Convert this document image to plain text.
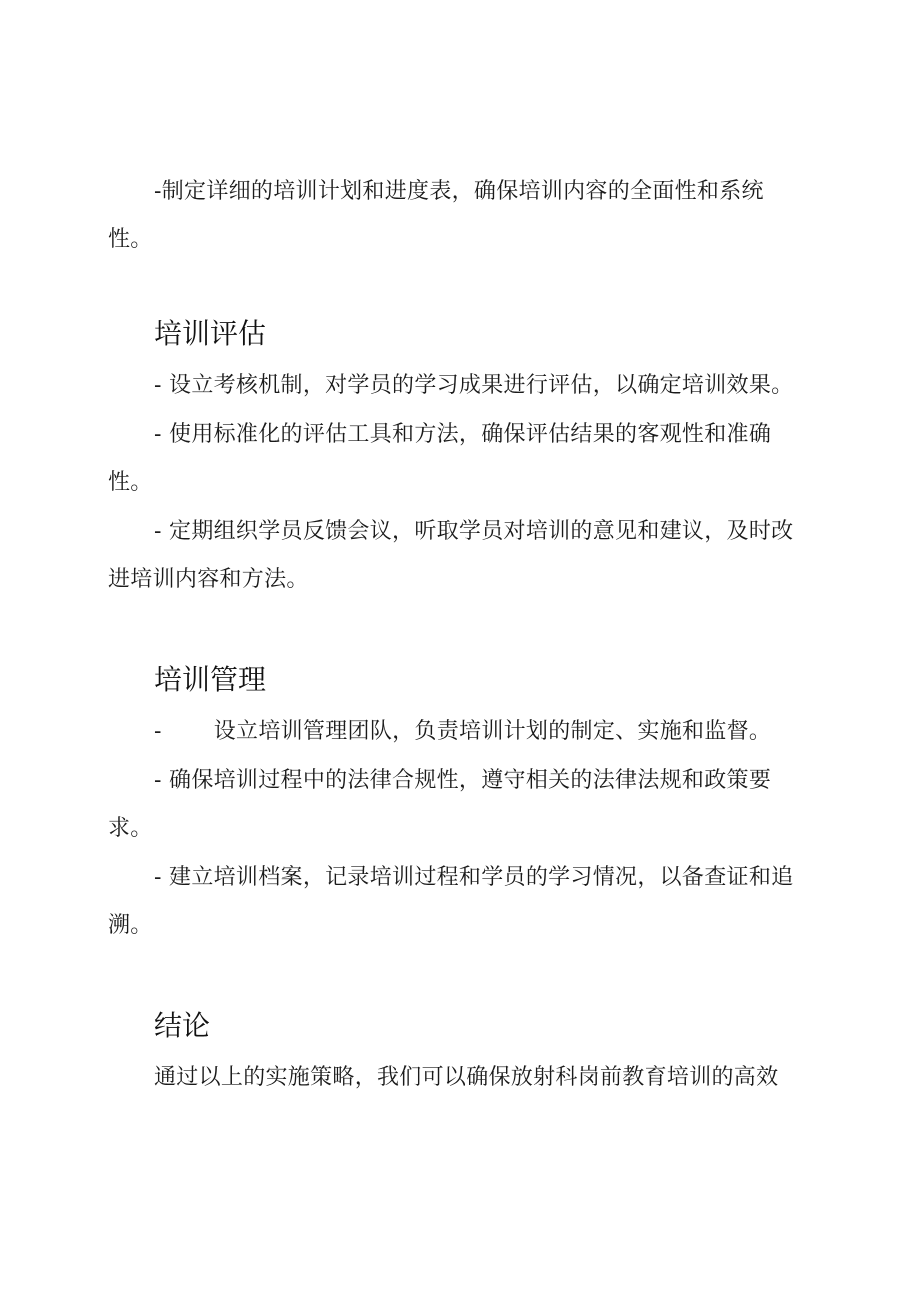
-制定详细的培训计划和进度表，确保培训内容的全面性和系统性。

培训评估

- 设立考核机制，对学员的学习成果进行评估，以确定培训效果。

- 使用标准化的评估工具和方法，确保评估结果的客观性和准确性。

- 定期组织学员反馈会议，听取学员对培训的意见和建议，及时改进培训内容和方法。

培训管理

- 设立培训管理团队，负责培训计划的制定、实施和监督。

- 确保培训过程中的法律合规性，遵守相关的法律法规和政策要求。

- 建立培训档案，记录培训过程和学员的学习情况，以备查证和追溯。

结论

通过以上的实施策略，我们可以确保放射科岗前教育培训的高效
